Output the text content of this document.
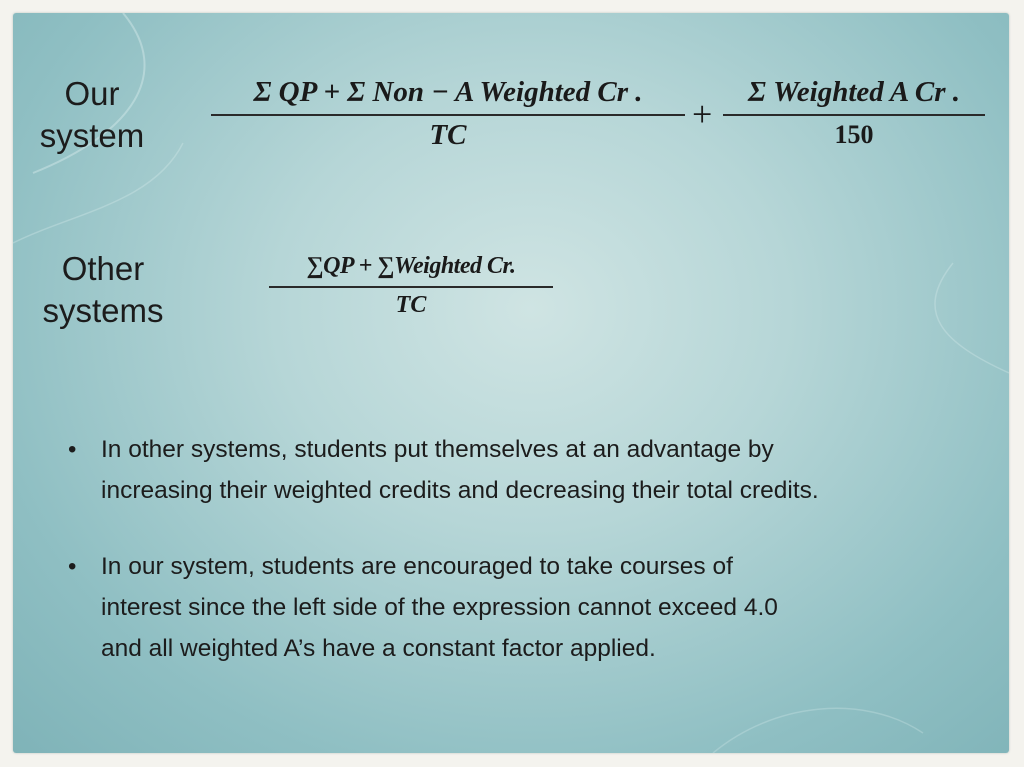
Our
system
Σ QP + Σ Non − A Weighted Cr .
TC
+
Σ Weighted A Cr .
150
Other
systems
∑QP + ∑Weighted Cr.
TC
• In other systems, students put themselves at an advantage by
increasing their weighted credits and decreasing their total credits.
• In our system, students are encouraged to take courses of
interest since the left side of the expression cannot exceed 4.0
and all weighted A’s have a constant factor applied.
